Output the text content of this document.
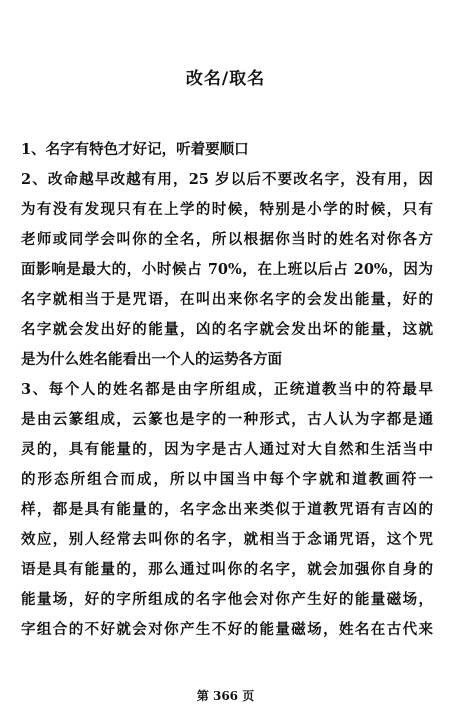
改名/取名
1、名字有特色才好记，听着要顺口
2、改命越早改越有用，25 岁以后不要改名字，没有用，因
为有没有发现只有在上学的时候，特别是小学的时候，只有
老师或同学会叫你的全名，所以根据你当时的姓名对你各方
面影响是最大的，小时候占 70%，在上班以后占 20%，因为
名字就相当于是咒语，在叫出来你名字的会发出能量，好的
名字就会发出好的能量，凶的名字就会发出坏的能量，这就
是为什么姓名能看出一个人的运势各方面
3、每个人的姓名都是由字所组成，正统道教当中的符最早
是由云篆组成，云篆也是字的一种形式，古人认为字都是通
灵的，具有能量的，因为字是古人通过对大自然和生活当中
的形态所组合而成，所以中国当中每个字就和道教画符一
样，都是具有能量的，名字念出来类似于道教咒语有吉凶的
效应，别人经常去叫你的名字，就相当于念诵咒语，这个咒
语是具有能量的，那么通过叫你的名字，就会加强你自身的
能量场，好的字所组成的名字他会对你产生好的能量磁场，
字组合的不好就会对你产生不好的能量磁场，姓名在古代来
第 366 页
